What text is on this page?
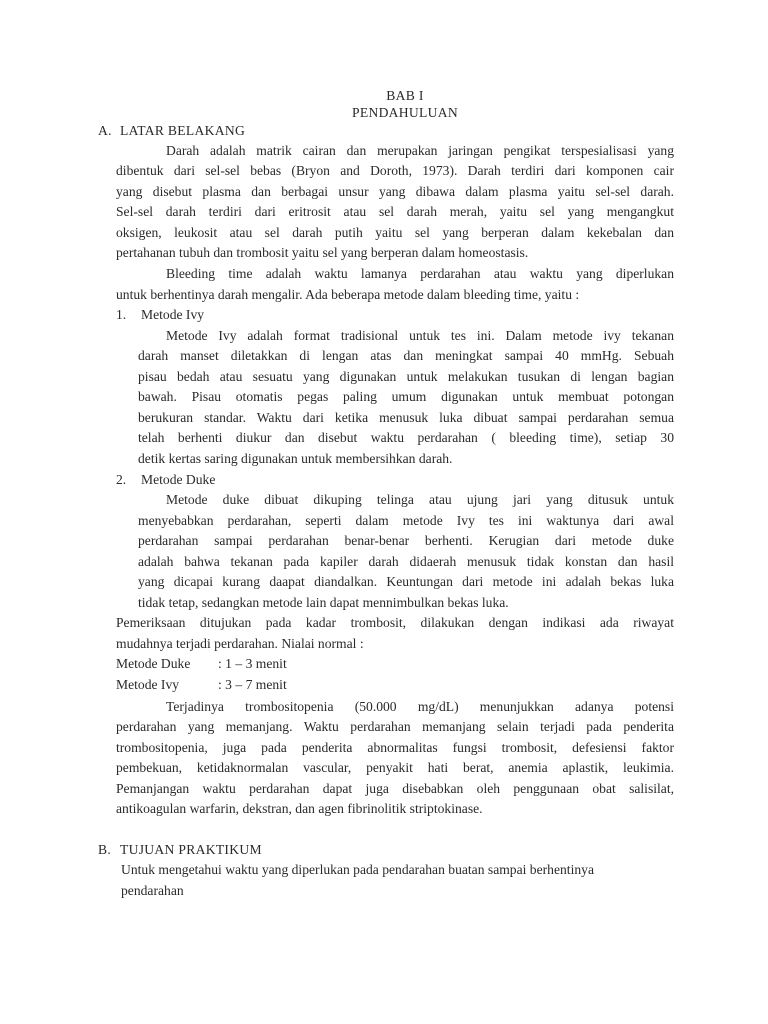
BAB I
PENDAHULUAN
A. LATAR BELAKANG
Darah adalah matrik cairan dan merupakan jaringan pengikat terspesialisasi yang
dibentuk dari sel-sel bebas (Bryon and Doroth, 1973). Darah terdiri dari komponen cair
yang disebut plasma dan berbagai unsur yang dibawa dalam plasma yaitu sel-sel darah.
Sel-sel darah terdiri dari eritrosit atau sel darah merah, yaitu sel yang mengangkut
oksigen, leukosit atau sel darah putih yaitu sel yang berperan dalam kekebalan dan
pertahanan tubuh dan trombosit yaitu sel yang berperan dalam homeostasis.
Bleeding time adalah waktu lamanya perdarahan atau waktu yang diperlukan
untuk berhentinya darah mengalir. Ada beberapa metode dalam bleeding time, yaitu :
1. Metode Ivy
Metode Ivy adalah format tradisional untuk tes ini. Dalam metode ivy tekanan
darah manset diletakkan di lengan atas dan meningkat sampai 40 mmHg. Sebuah
pisau bedah atau sesuatu yang digunakan untuk melakukan tusukan di lengan bagian
bawah. Pisau otomatis pegas paling umum digunakan untuk membuat potongan
berukuran standar. Waktu dari ketika menusuk luka dibuat sampai perdarahan semua
telah berhenti diukur dan disebut waktu perdarahan ( bleeding time), setiap 30
detik kertas saring digunakan untuk membersihkan darah.
2. Metode Duke
Metode duke dibuat dikuping telinga atau ujung jari yang ditusuk untuk
menyebabkan perdarahan, seperti dalam metode Ivy tes ini waktunya dari awal
perdarahan sampai perdarahan benar-benar berhenti. Kerugian dari metode duke
adalah bahwa tekanan pada kapiler darah didaerah menusuk tidak konstan dan hasil
yang dicapai kurang daapat diandalkan. Keuntungan dari metode ini adalah bekas luka
tidak tetap, sedangkan metode lain dapat mennimbulkan bekas luka.
Pemeriksaan ditujukan pada kadar trombosit, dilakukan dengan indikasi ada riwayat
mudahnya terjadi perdarahan. Nialai normal :
Metode Duke : 1 – 3 menit
Metode Ivy	: 3 – 7 menit
Terjadinya trombositopenia (50.000 mg/dL) menunjukkan adanya potensi
perdarahan yang memanjang. Waktu perdarahan memanjang selain terjadi pada penderita
trombositopenia, juga pada penderita abnormalitas fungsi trombosit, defesiensi faktor
pembekuan, ketidaknormalan vascular, penyakit hati berat, anemia aplastik, leukimia.
Pemanjangan waktu perdarahan dapat juga disebabkan oleh penggunaan obat salisilat,
antikoagulan warfarin, dekstran, dan agen fibrinolitik striptokinase.
B. TUJUAN PRAKTIKUM
Untuk mengetahui waktu yang diperlukan pada pendarahan buatan sampai berhentinya
pendarahan
